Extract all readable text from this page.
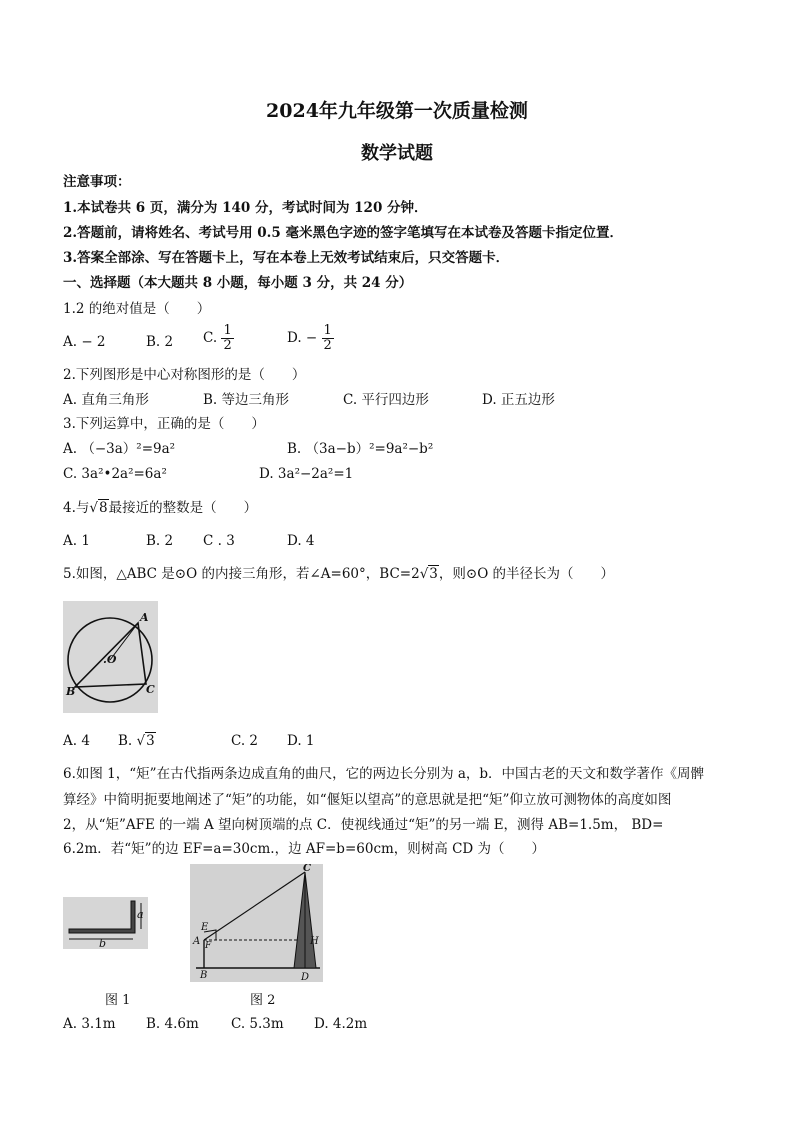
2024年九年级第一次质量检测
数学试题
注意事项：
1.本试卷共 6 页，满分为 140 分，考试时间为 120 分钟．
2.答题前，请将姓名、考试号用 0.5 毫米黑色字迹的签字笔填写在本试卷及答题卡指定位置．
3.答案全部涂、写在答题卡上，写在本卷上无效考试结束后，只交答题卡．
一、选择题（本大题共 8 小题，每小题 3 分，共 24 分）
1.2 的绝对值是（　　）
A. − 2	B. 2 C. $\frac{1}{2}$	D. − $\frac{1}{2}$
2.下列图形是中心对称图形的是（　　）
A. 直角三角形	B. 等边三角形	C. 平行四边形	D. 正五边形
3.下列运算中，正确的是（　　）
A. （−3a）²=9a²	B. （3a−b）²=9a²−b²
C. 3a²•2a²=6a²	D. 3a²−2a²=1
4.与√8最接近的整数是（　　）
A. 1	B. 2 C . 3	D. 4
5.如图，△ABC 是⊙O 的内接三角形，若∠A=60°，BC=2√3，则⊙O 的半径长为（　　）
A
B	C
.O
A. 4 B. √3	C. 2 D. 1
6.如图 1，“矩”在古代指两条边成直角的曲尺，它的两边长分别为 a，b．中国古老的天文和数学著作《周髀
算经》中简明扼要地阐述了“矩”的功能，如“偃矩以望高”的意思就是把“矩”仰立放可测物体的高度如图
2，从“矩”AFE 的一端 A 望向树顶端的点 C．使视线通过“矩”的另一端 E，测得 AB=1.5m， BD=
6.2m．若“矩”的边 EF=a=30cm.，边 AF=b=60cm，则树高 CD 为（　　）
b
a
图 1
C
E
A F	H
B	D
图 2
A. 3.1m B. 4.6m C. 5.3m D. 4.2m
